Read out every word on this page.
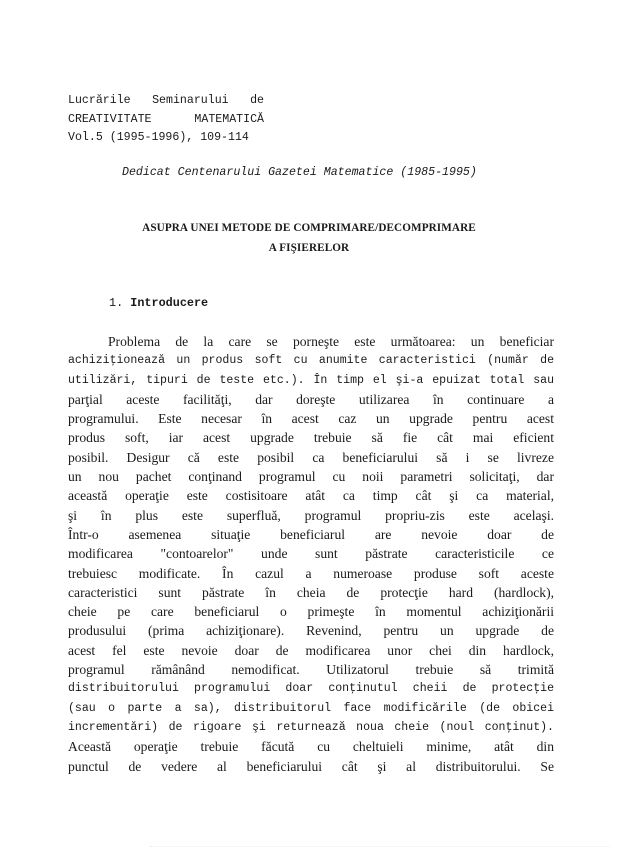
Lucrările Seminarului de
CREATIVITATE	MATEMATICĂ
Vol.5 (1995-1996), 109-114
Dedicat Centenarului Gazetei Matematice (1985-1995)
ASUPRA UNEI METODE DE COMPRIMARE/DECOMPRIMARE
A FIŞIERELOR
1. Introducere
Problema de la care se porneşte este următoarea: un beneficiar
achiziţionează un produs soft cu anumite caracteristici (număr de
utilizări, tipuri de teste etc.). În timp el şi-a epuizat total sau
parţial aceste facilităţi, dar doreşte utilizarea în continuare a
programului. Este necesar în acest caz un upgrade pentru acest
produs soft, iar acest upgrade trebuie să fie cât mai eficient
posibil. Desigur că este posibil ca beneficiarului să i se livreze
un nou pachet conţinand programul cu noii parametri solicitaţi, dar
această operaţie este costisitoare atât ca timp cât şi ca material,
şi în plus este superfluă, programul propriu-zis este acelaşi.
Într-o asemenea situaţie beneficiarul are nevoie doar de
modificarea "contoarelor" unde sunt păstrate caracteristicile ce
trebuiesc modificate. În cazul a numeroase produse soft aceste
caracteristici sunt păstrate în cheia de protecţie hard (hardlock),
cheie pe care beneficiarul o primeşte în momentul achiziţionării
produsului (prima achiziţionare). Revenind, pentru un upgrade de
acest fel este nevoie doar de modificarea unor chei din hardlock,
programul rămânând nemodificat. Utilizatorul trebuie să trimită
distribuitorului programului doar conţinutul cheii de protecţie
(sau o parte a sa), distribuitorul face modificările (de obicei
incrementări) de rigoare şi returnează noua cheie (noul conţinut).
Această operaţie trebuie făcută cu cheltuieli minime, atât din
punctul de vedere al beneficiarului cât şi al distribuitorului. Se
